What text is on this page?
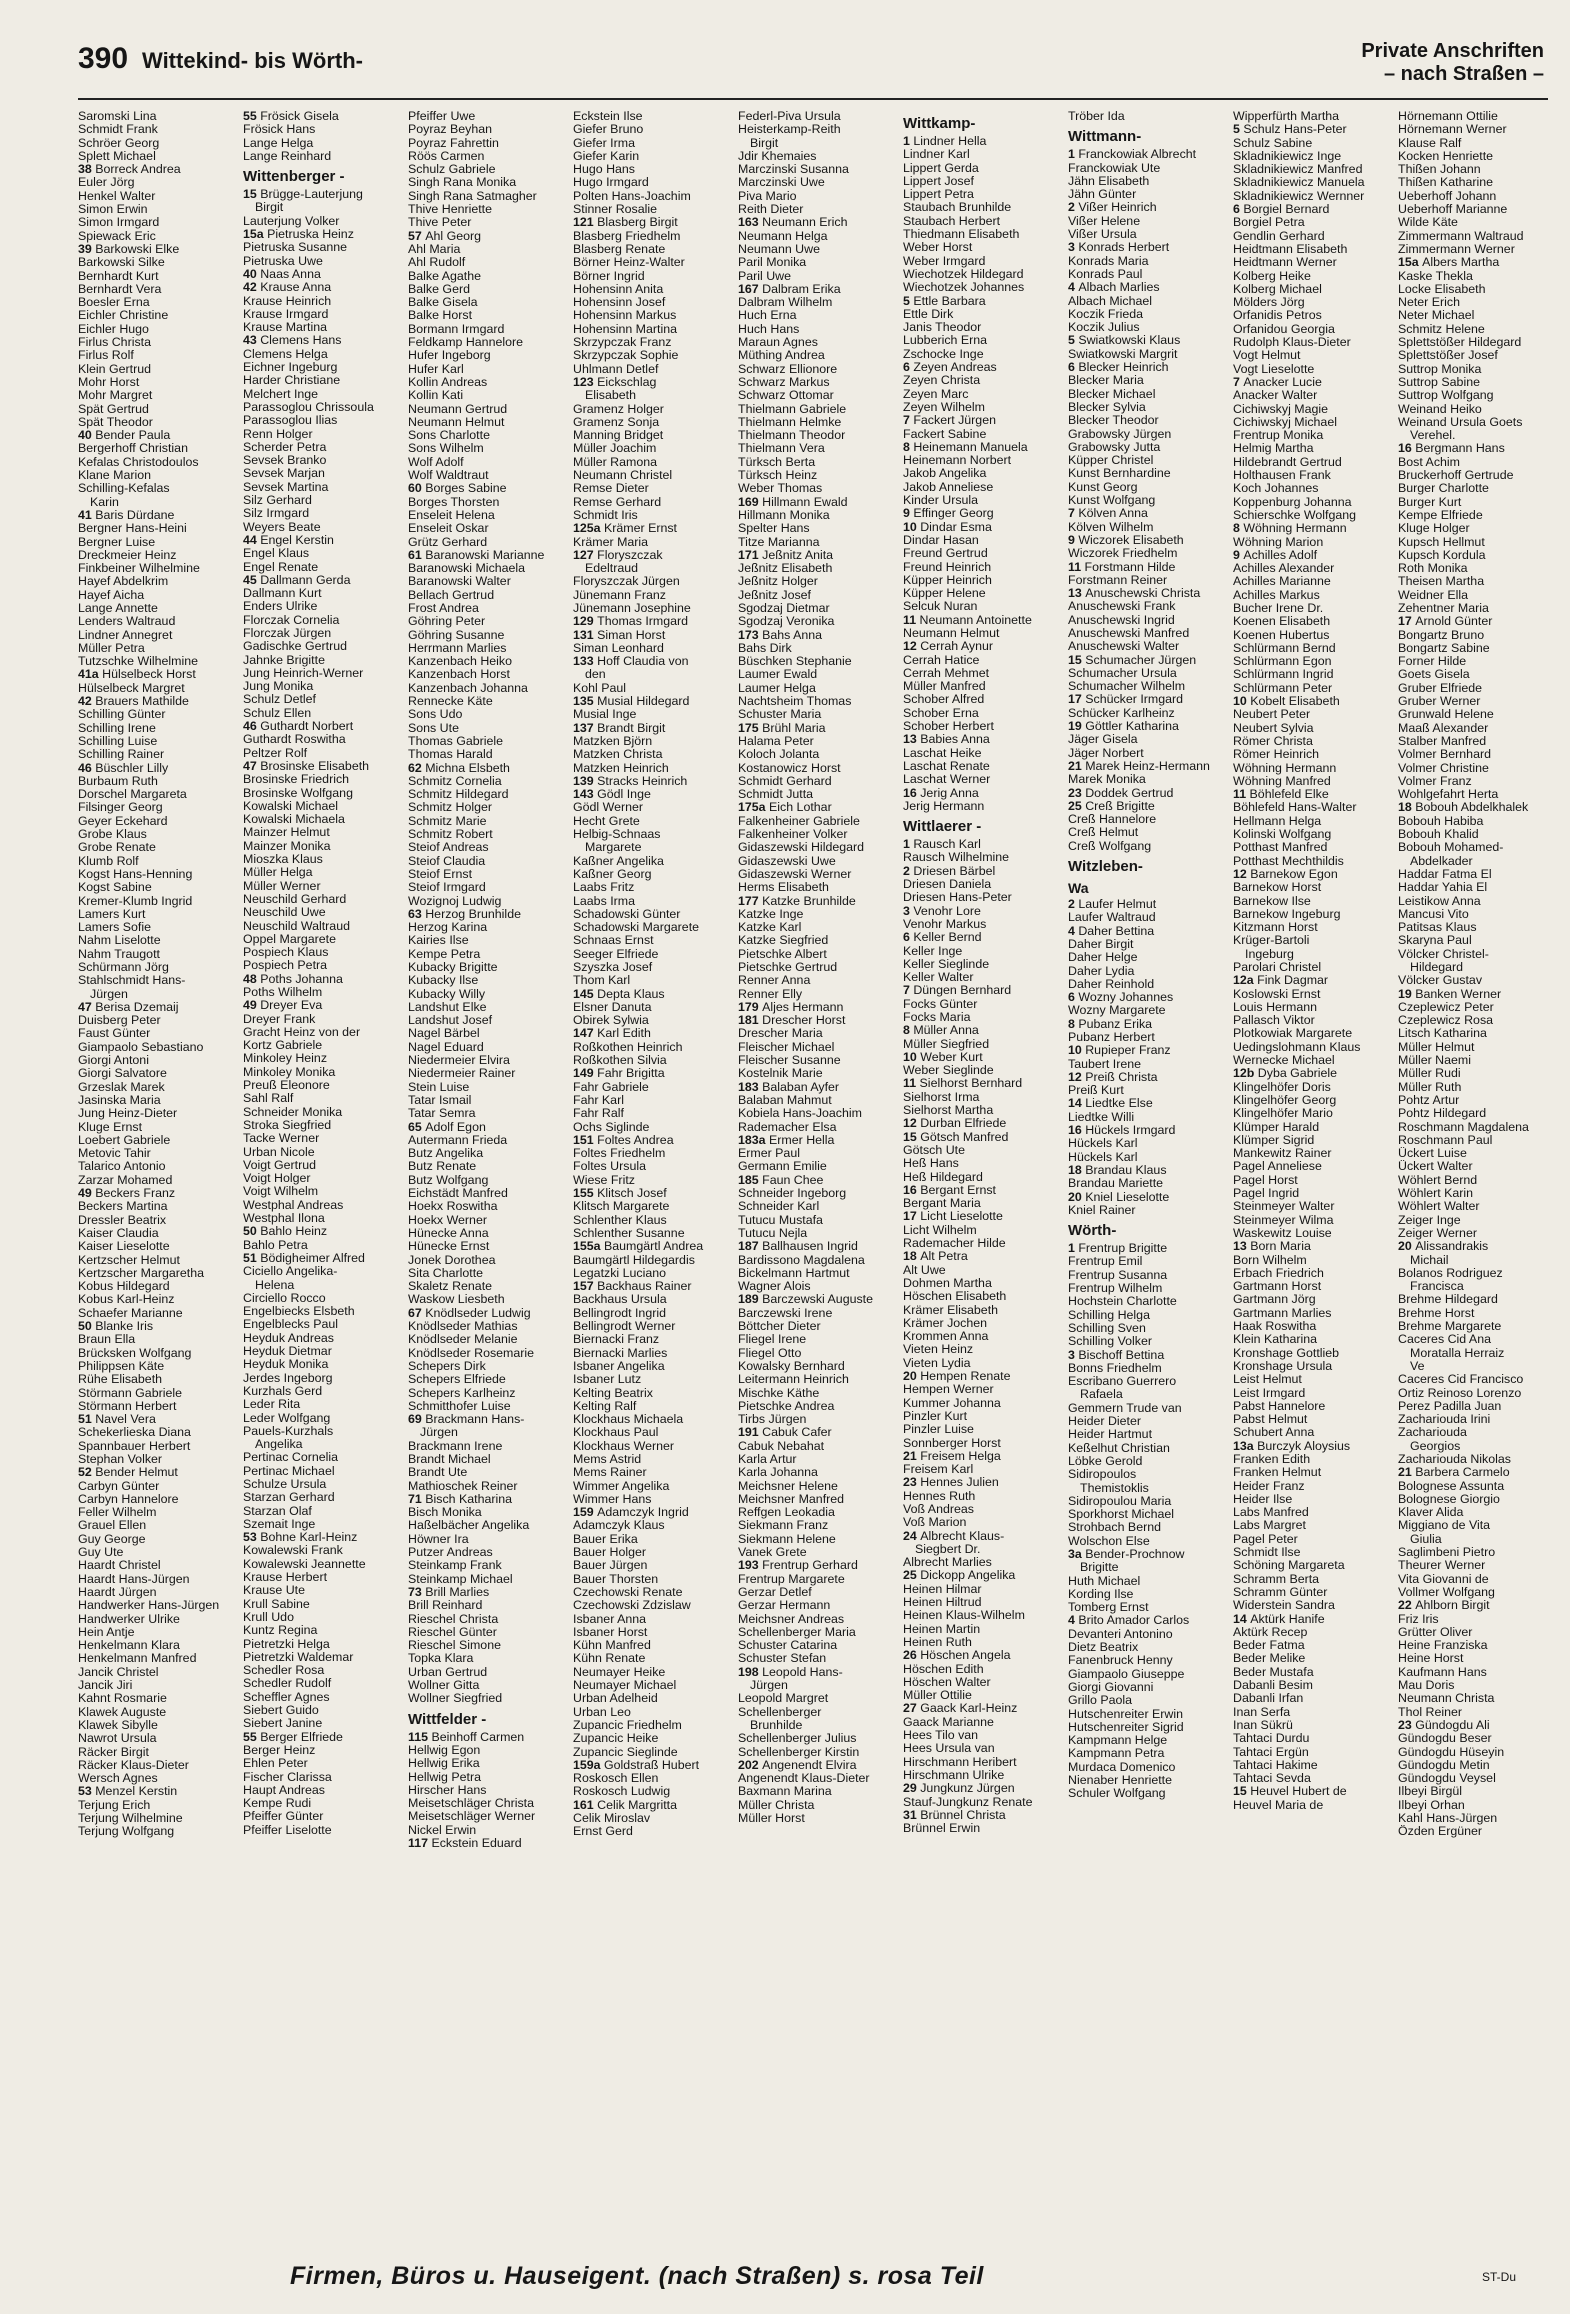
390 Wittekind- bis Wörth-	Private Anschriften
– nach Straßen –
Saromski Lina
Schmidt Frank
Schröer Georg
Splett Michael
38 Borreck Andrea
Euler Jörg
Henkel Walter
Simon Erwin
Simon Irmgard
Spiewack Eric
39 Barkowski Elke
Barkowski Silke
Bernhardt Kurt
Bernhardt Vera
Boesler Erna
Eichler Christine
Eichler Hugo
Firlus Christa
Firlus Rolf
Klein Gertrud
Mohr Horst
Mohr Margret
Spät Gertrud
Spät Theodor
40 Bender Paula
Bergerhoff Christian
Kefalas Christodoulos
Klane Marion
Schilling-Kefalas
Karin
41 Baris Dürdane
Bergner Hans-Heini
Bergner Luise
Dreckmeier Heinz
Finkbeiner Wilhelmine
Hayef Abdelkrim
Hayef Aicha
Lange Annette
Lenders Waltraud
Lindner Annegret
Müller Petra
Tutzschke Wilhelmine
41a Hülselbeck Horst
Hülselbeck Margret
42 Brauers Mathilde
Schilling Günter
Schilling Irene
Schilling Luise
Schilling Rainer
46 Büschler Lilly
Burbaum Ruth
Dorschel Margareta
Filsinger Georg
Geyer Eckehard
Grobe Klaus
Grobe Renate
Klumb Rolf
Kogst Hans-Henning
Kogst Sabine
Kremer-Klumb Ingrid
Lamers Kurt
Lamers Sofie
Nahm Liselotte
Nahm Traugott
Schürmann Jörg
Stahlschmidt Hans-
Jürgen
47 Berisa Dzemaij
Duisberg Peter
Faust Günter
Giampaolo Sebastiano
Giorgi Antoni
Giorgi Salvatore
Grzeslak Marek
Jasinska Maria
Jung Heinz-Dieter
Kluge Ernst
Loebert Gabriele
Metovic Tahir
Talarico Antonio
Zarzar Mohamed
49 Beckers Franz
Beckers Martina
Dressler Beatrix
Kaiser Claudia
Kaiser Lieselotte
Kertzscher Helmut
Kertzscher Margaretha
Kobus Hildegard
Kobus Karl-Heinz
Schaefer Marianne
50 Blanke Iris
Braun Ella
Brücksken Wolfgang
Philippsen Käte
Rühe Elisabeth
Störmann Gabriele
Störmann Herbert
51 Navel Vera
Schekerlieska Diana
Spannbauer Herbert
Stephan Volker
52 Bender Helmut
Carbyn Günter
Carbyn Hannelore
Feller Wilhelm
Grauel Ellen
Guy George
Guy Ute
Haardt Christel
Haardt Hans-Jürgen
Haardt Jürgen
Handwerker Hans-Jürgen
Handwerker Ulrike
Hein Antje
Henkelmann Klara
Henkelmann Manfred
Jancik Christel
Jancik Jiri
Kahnt Rosmarie
Klawek Auguste
Klawek Sibylle
Nawrot Ursula
Räcker Birgit
Räcker Klaus-Dieter
Wersch Agnes
53 Menzel Kerstin
Terjung Erich
Terjung Wilhelmine
Terjung Wolfgang
55 Frösick Gisela
Frösick Hans
Lange Helga
Lange Reinhard
Wittenberger -
15 Brügge-Lauterjung
Birgit
Lauterjung Volker
15a Pietruska Heinz
Pietruska Susanne
Pietruska Uwe
40 Naas Anna
42 Krause Anna
Krause Heinrich
Krause Irmgard
Krause Martina
43 Clemens Hans
Clemens Helga
Eichner Ingeburg
Harder Christiane
Melchert Inge
Parassoglou Chrissoula
Parassoglou Ilias
Renn Holger
Scherder Petra
Sevsek Branko
Sevsek Marjan
Sevsek Martina
Silz Gerhard
Silz Irmgard
Weyers Beate
44 Engel Kerstin
Engel Klaus
Engel Renate
45 Dallmann Gerda
Dallmann Kurt
Enders Ulrike
Florczak Cornelia
Florczak Jürgen
Gadischke Gertrud
Jahnke Brigitte
Jung Heinrich-Werner
Jung Monika
Schulz Detlef
Schulz Ellen
46 Guthardt Norbert
Guthardt Roswitha
Peltzer Rolf
47 Brosinske Elisabeth
Brosinske Friedrich
Brosinske Wolfgang
Kowalski Michael
Kowalski Michaela
Mainzer Helmut
Mainzer Monika
Mioszka Klaus
Müller Helga
Müller Werner
Neuschild Gerhard
Neuschild Uwe
Neuschild Waltraud
Oppel Margarete
Pospiech Klaus
Pospiech Petra
48 Poths Johanna
Poths Wilhelm
49 Dreyer Eva
Dreyer Frank
Gracht Heinz von der
Kortz Gabriele
Minkoley Heinz
Minkoley Monika
Preuß Eleonore
Sahl Ralf
Schneider Monika
Stroka Siegfried
Tacke Werner
Urban Nicole
Voigt Gertrud
Voigt Holger
Voigt Wilhelm
Westphal Andreas
Westphal Ilona
50 Bahlo Heinz
Bahlo Petra
51 Bödigheimer Alfred
Ciciello Angelika-
Helena
Circiello Rocco
Engelbiecks Elsbeth
Engelblecks Paul
Heyduk Andreas
Heyduk Dietmar
Heyduk Monika
Jerdes Ingeborg
Kurzhals Gerd
Leder Rita
Leder Wolfgang
Pauels-Kurzhals
Angelika
Pertinac Cornelia
Pertinac Michael
Schulze Ursula
Starzan Gerhard
Starzan Olaf
Szemait Inge
53 Bohne Karl-Heinz
Kowalewski Frank
Kowalewski Jeannette
Krause Herbert
Krause Ute
Krull Sabine
Krull Udo
Kuntz Regina
Pietretzki Helga
Pietretzki Waldemar
Schedler Rosa
Schedler Rudolf
Scheffler Agnes
Siebert Guido
Siebert Janine
55 Berger Elfriede
Berger Heinz
Ehlen Peter
Fischer Clarissa
Haupt Andreas
Kempe Rudi
Pfeiffer Günter
Pfeiffer Liselotte
Pfeiffer Uwe
Poyraz Beyhan
Poyraz Fahrettin
Röös Carmen
Schulz Gabriele
Singh Rana Monika
Singh Rana Satmagher
Thive Henriette
Thive Peter
57 Ahl Georg
Ahl Maria
Ahl Rudolf
Balke Agathe
Balke Gerd
Balke Gisela
Balke Horst
Bormann Irmgard
Feldkamp Hannelore
Hufer Ingeborg
Hufer Karl
Kollin Andreas
Kollin Kati
Neumann Gertrud
Neumann Helmut
Sons Charlotte
Sons Wilhelm
Wolf Adolf
Wolf Waldtraut
60 Borges Sabine
Borges Thorsten
Enseleit Helena
Enseleit Oskar
Grütz Gerhard
61 Baranowski Marianne
Baranowski Michaela
Baranowski Walter
Bellach Gertrud
Frost Andrea
Göhring Peter
Göhring Susanne
Herrmann Marlies
Kanzenbach Heiko
Kanzenbach Horst
Kanzenbach Johanna
Rennecke Käte
Sons Udo
Sons Ute
Thomas Gabriele
Thomas Harald
62 Michna Elsbeth
Schmitz Cornelia
Schmitz Hildegard
Schmitz Holger
Schmitz Marie
Schmitz Robert
Steiof Andreas
Steiof Claudia
Steiof Ernst
Steiof Irmgard
Wozignoj Ludwig
63 Herzog Brunhilde
Herzog Karina
Kairies Ilse
Kempe Petra
Kubacky Brigitte
Kubacky Ilse
Kubacky Willy
Landshut Elke
Landshut Josef
Nagel Bärbel
Nagel Eduard
Niedermeier Elvira
Niedermeier Rainer
Stein Luise
Tatar Ismail
Tatar Semra
65 Adolf Egon
Autermann Frieda
Butz Angelika
Butz Renate
Butz Wolfgang
Eichstädt Manfred
Hoekx Roswitha
Hoekx Werner
Hünecke Anna
Hünecke Ernst
Jonek Dorothea
Sita Charlotte
Skaletz Renate
Waskow Liesbeth
67 Knödlseder Ludwig
Knödlseder Mathias
Knödlseder Melanie
Knödlseder Rosemarie
Schepers Dirk
Schepers Elfriede
Schepers Karlheinz
Schmitthofer Luise
69 Brackmann Hans-
Jürgen
Brackmann Irene
Brandt Michael
Brandt Ute
Mathioschek Reiner
71 Bisch Katharina
Bisch Monika
Haßelbächer Angelika
Höwner Ira
Putzer Andreas
Steinkamp Frank
Steinkamp Michael
73 Brill Marlies
Brill Reinhard
Rieschel Christa
Rieschel Günter
Rieschel Simone
Topka Klara
Urban Gertrud
Wollner Gitta
Wollner Siegfried
Wittfelder -
115 Beinhoff Carmen
Hellwig Egon
Hellwig Erika
Hellwig Petra
Hirscher Hans
Meisetschläger Christa
Meisetschläger Werner
Nickel Erwin
117 Eckstein Eduard
Eckstein Ilse
Giefer Bruno
Giefer Irma
Giefer Karin
Hugo Hans
Hugo Irmgard
Polten Hans-Joachim
Stinner Rosalie
121 Blasberg Birgit
Blasberg Friedhelm
Blasberg Renate
Börner Heinz-Walter
Börner Ingrid
Hohensinn Anita
Hohensinn Josef
Hohensinn Markus
Hohensinn Martina
Skrzypczak Franz
Skrzypczak Sophie
Uhlmann Detlef
123 Eickschlag
Elisabeth
Gramenz Holger
Gramenz Sonja
Manning Bridget
Müller Joachim
Müller Ramona
Neumann Christel
Remse Dieter
Remse Gerhard
Schmidt Iris
125a Krämer Ernst
Krämer Maria
127 Floryszczak
Edeltraud
Floryszczak Jürgen
Jünemann Franz
Jünemann Josephine
129 Thomas Irmgard
131 Siman Horst
Siman Leonhard
133 Hoff Claudia von
den
Kohl Paul
135 Musial Hildegard
Musial Inge
137 Brandt Birgit
Matzken Björn
Matzken Christa
Matzken Heinrich
139 Stracks Heinrich
143 Gödl Inge
Gödl Werner
Hecht Grete
Helbig-Schnaas
Margarete
Kaßner Angelika
Kaßner Georg
Laabs Fritz
Laabs Irma
Schadowski Günter
Schadowski Margarete
Schnaas Ernst
Seeger Elfriede
Szyszka Josef
Thom Karl
145 Depta Klaus
Elsner Danuta
Obirek Sylwia
147 Karl Edith
Roßkothen Heinrich
Roßkothen Silvia
149 Fahr Brigitta
Fahr Gabriele
Fahr Karl
Fahr Ralf
Ochs Siglinde
151 Foltes Andrea
Foltes Friedhelm
Foltes Ursula
Wiese Fritz
155 Klitsch Josef
Klitsch Margarete
Schlenther Klaus
Schlenther Susanne
155a Baumgärtl Andrea
Baumgärtl Hildegardis
Legatzki Luciano
157 Backhaus Rainer
Backhaus Ursula
Bellingrodt Ingrid
Bellingrodt Werner
Biernacki Franz
Biernacki Marlies
Isbaner Angelika
Isbaner Lutz
Kelting Beatrix
Kelting Ralf
Klockhaus Michaela
Klockhaus Paul
Klockhaus Werner
Mems Astrid
Mems Rainer
Wimmer Angelika
Wimmer Hans
159 Adamczyk Ingrid
Adamczyk Klaus
Bauer Erika
Bauer Holger
Bauer Jürgen
Bauer Thorsten
Czechowski Renate
Czechowski Zdzislaw
Isbaner Anna
Isbaner Horst
Kühn Manfred
Kühn Renate
Neumayer Heike
Neumayer Michael
Urban Adelheid
Urban Leo
Zupancic Friedhelm
Zupancic Heike
Zupancic Sieglinde
159a Goldstraß Hubert
Roskosch Ellen
Roskosch Ludwig
161 Celik Margritta
Celik Miroslav
Ernst Gerd
Federl-Piva Ursula
Heisterkamp-Reith
Birgit
Jdir Khemaies
Marczinski Susanna
Marczinski Uwe
Piva Mario
Reith Dieter
163 Neumann Erich
Neumann Helga
Neumann Uwe
Paril Monika
Paril Uwe
167 Dalbram Erika
Dalbram Wilhelm
Huch Erna
Huch Hans
Maraun Agnes
Müthing Andrea
Schwarz Ellionore
Schwarz Markus
Schwarz Ottomar
Thielmann Gabriele
Thielmann Helmke
Thielmann Theodor
Thielmann Vera
Türksch Berta
Türksch Heinz
Weber Thomas
169 Hillmann Ewald
Hillmann Monika
Spelter Hans
Titze Marianna
171 Jeßnitz Anita
Jeßnitz Elisabeth
Jeßnitz Holger
Jeßnitz Josef
Sgodzaj Dietmar
Sgodzaj Veronika
173 Bahs Anna
Bahs Dirk
Büschken Stephanie
Laumer Ewald
Laumer Helga
Nachtsheim Thomas
Schuster Maria
175 Brühl Maria
Halama Peter
Koloch Jolanta
Kostanowicz Horst
Schmidt Gerhard
Schmidt Jutta
175a Eich Lothar
Falkenheiner Gabriele
Falkenheiner Volker
Gidaszewski Hildegard
Gidaszewski Uwe
Gidaszewski Werner
Herms Elisabeth
177 Katzke Brunhilde
Katzke Inge
Katzke Karl
Katzke Siegfried
Pietschke Albert
Pietschke Gertrud
Renner Anna
Renner Elly
179 Aljes Hermann
181 Drescher Horst
Drescher Maria
Fleischer Michael
Fleischer Susanne
Kostelnik Marie
183 Balaban Ayfer
Balaban Mahmut
Kobiela Hans-Joachim
Rademacher Elsa
183a Ermer Hella
Ermer Paul
Germann Emilie
185 Faun Chee
Schneider Ingeborg
Schneider Karl
Tutucu Mustafa
Tutucu Nejla
187 Ballhausen Ingrid
Bardissono Magdalena
Bickelmann Hartmut
Wagner Alois
189 Barczewski Auguste
Barczewski Irene
Böttcher Dieter
Fliegel Irene
Fliegel Otto
Kowalsky Bernhard
Leitermann Heinrich
Mischke Käthe
Pietschke Andrea
Tirbs Jürgen
191 Cabuk Cafer
Cabuk Nebahat
Karla Artur
Karla Johanna
Meichsner Helene
Meichsner Manfred
Reffgen Leokadia
Siekmann Franz
Siekmann Helene
Vanek Grete
193 Frentrup Gerhard
Frentrup Margarete
Gerzar Detlef
Gerzar Hermann
Meichsner Andreas
Schellenberger Maria
Schuster Catarina
Schuster Stefan
198 Leopold Hans-
Jürgen
Leopold Margret
Schellenberger
Brunhilde
Schellenberger Julius
Schellenberger Kirstin
202 Angenendt Elvira
Angenendt Klaus-Dieter
Baxmann Marina
Müller Christa
Müller Horst
Wittkamp-
1 Lindner Hella
Lindner Karl
Lippert Gerda
Lippert Josef
Lippert Petra
Staubach Brunhilde
Staubach Herbert
Thiedmann Elisabeth
Weber Horst
Weber Irmgard
Wiechotzek Hildegard
Wiechotzek Johannes
5 Ettle Barbara
Ettle Dirk
Janis Theodor
Lubberich Erna
Zschocke Inge
6 Zeyen Andreas
Zeyen Christa
Zeyen Marc
Zeyen Wilhelm
7 Fackert Jürgen
Fackert Sabine
8 Heinemann Manuela
Heinemann Norbert
Jakob Angelika
Jakob Anneliese
Kinder Ursula
9 Effinger Georg
10 Dindar Esma
Dindar Hasan
Freund Gertrud
Freund Heinrich
Küpper Heinrich
Küpper Helene
Selcuk Nuran
11 Neumann Antoinette
Neumann Helmut
12 Cerrah Aynur
Cerrah Hatice
Cerrah Mehmet
Müller Manfred
Schober Alfred
Schober Erna
Schober Herbert
13 Babies Anna
Laschat Heike
Laschat Renate
Laschat Werner
16 Jerig Anna
Jerig Hermann
Wittlaerer -
1 Rausch Karl
Rausch Wilhelmine
2 Driesen Bärbel
Driesen Daniela
Driesen Hans-Peter
3 Venohr Lore
Venohr Markus
6 Keller Bernd
Keller Inge
Keller Sieglinde
Keller Walter
7 Düngen Bernhard
Focks Günter
Focks Maria
8 Müller Anna
Müller Siegfried
10 Weber Kurt
Weber Sieglinde
11 Sielhorst Bernhard
Sielhorst Irma
Sielhorst Martha
12 Durban Elfriede
15 Götsch Manfred
Götsch Ute
Heß Hans
Heß Hildegard
16 Bergant Ernst
Bergant Maria
17 Licht Lieselotte
Licht Wilhelm
Rademacher Hilde
18 Alt Petra
Alt Uwe
Dohmen Martha
Höschen Elisabeth
Krämer Elisabeth
Krämer Jochen
Krommen Anna
Vieten Heinz
Vieten Lydia
20 Hempen Renate
Hempen Werner
Kummer Johanna
Pinzler Kurt
Pinzler Luise
Sonnberger Horst
21 Freisem Helga
Freisem Karl
23 Hennes Julien
Hennes Ruth
Voß Andreas
Voß Marion
24 Albrecht Klaus-
Siegbert Dr.
Albrecht Marlies
25 Dickopp Angelika
Heinen Hilmar
Heinen Hiltrud
Heinen Klaus-Wilhelm
Heinen Martin
Heinen Ruth
26 Höschen Angela
Höschen Edith
Höschen Walter
Müller Ottilie
27 Gaack Karl-Heinz
Gaack Marianne
Hees Tilo van
Hees Ursula van
Hirschmann Heribert
Hirschmann Ulrike
29 Jungkunz Jürgen
Stauf-Jungkunz Renate
31 Brünnel Christa
Brünnel Erwin
Tröber Ida
Wittmann-
1 Franckowiak Albrecht
Franckowiak Ute
Jähn Elisabeth
Jähn Günter
2 Vißer Heinrich
Vißer Helene
Vißer Ursula
3 Konrads Herbert
Konrads Maria
Konrads Paul
4 Albach Marlies
Albach Michael
Koczik Frieda
Koczik Julius
5 Swiatkowski Klaus
Swiatkowski Margrit
6 Blecker Heinrich
Blecker Maria
Blecker Michael
Blecker Sylvia
Blecker Theodor
Grabowsky Jürgen
Grabowsky Jutta
Küpper Christel
Kunst Bernhardine
Kunst Georg
Kunst Wolfgang
7 Kölven Anna
Kölven Wilhelm
9 Wiczorek Elisabeth
Wiczorek Friedhelm
11 Forstmann Hilde
Forstmann Reiner
13 Anuschewski Christa
Anuschewski Frank
Anuschewski Ingrid
Anuschewski Manfred
Anuschewski Walter
15 Schumacher Jürgen
Schumacher Ursula
Schumacher Wilhelm
17 Schücker Irmgard
Schücker Karlheinz
19 Göttler Katharina
Jäger Gisela
Jäger Norbert
21 Marek Heinz-Hermann
Marek Monika
23 Doddek Gertrud
25 Creß Brigitte
Creß Hannelore
Creß Helmut
Creß Wolfgang
Witzleben-
Wa
2 Laufer Helmut
Laufer Waltraud
4 Daher Bettina
Daher Birgit
Daher Helge
Daher Lydia
Daher Reinhold
6 Wozny Johannes
Wozny Margarete
8 Pubanz Erika
Pubanz Herbert
10 Rupieper Franz
Taubert Irene
12 Preiß Christa
Preiß Kurt
14 Liedtke Else
Liedtke Willi
16 Hückels Irmgard
Hückels Karl
Hückels Karl
18 Brandau Klaus
Brandau Mariette
20 Kniel Lieselotte
Kniel Rainer
Wörth-
1 Frentrup Brigitte
Frentrup Emil
Frentrup Susanna
Frentrup Wilhelm
Hochstein Charlotte
Schilling Helga
Schilling Sven
Schilling Volker
3 Bischoff Bettina
Bonns Friedhelm
Escribano Guerrero
Rafaela
Gemmern Trude van
Heider Dieter
Heider Hartmut
Keßelhut Christian
Löbke Gerold
Sidiropoulos
Themistoklis
Sidiropoulou Maria
Sporkhorst Michael
Strohbach Bernd
Wolschon Else
3a Bender-Prochnow
Brigitte
Huth Michael
Kording Ilse
Tomberg Ernst
4 Brito Amador Carlos
Devanteri Antonino
Dietz Beatrix
Fanenbruck Henny
Giampaolo Giuseppe
Giorgi Giovanni
Grillo Paola
Hutschenreiter Erwin
Hutschenreiter Sigrid
Kampmann Helge
Kampmann Petra
Murdaca Domenico
Nienaber Henriette
Schuler Wolfgang
Wipperfürth Martha
5 Schulz Hans-Peter
Schulz Sabine
Skladnikiewicz Inge
Skladnikiewicz Manfred
Skladnikiewicz Manuela
Skladnikiewicz Wernner
6 Borgiel Bernard
Borgiel Petra
Gendlin Gerhard
Heidtmann Elisabeth
Heidtmann Werner
Kolberg Heike
Kolberg Michael
Mölders Jörg
Orfanidis Petros
Orfanidou Georgia
Rudolph Klaus-Dieter
Vogt Helmut
Vogt Lieselotte
7 Anacker Lucie
Anacker Walter
Cichiwskyj Magie
Cichiwskyj Michael
Frentrup Monika
Helmig Martha
Hildebrandt Gertrud
Holthausen Frank
Koch Johannes
Koppenburg Johanna
Schierschke Wolfgang
8 Wöhning Hermann
Wöhning Marion
9 Achilles Adolf
Achilles Alexander
Achilles Marianne
Achilles Markus
Bucher Irene Dr.
Koenen Elisabeth
Koenen Hubertus
Schlürmann Bernd
Schlürmann Egon
Schlürmann Ingrid
Schlürmann Peter
10 Kobelt Elisabeth
Neubert Peter
Neubert Sylvia
Römer Christa
Römer Heinrich
Wöhning Hermann
Wöhning Manfred
11 Böhlefeld Elke
Böhlefeld Hans-Walter
Hellmann Helga
Kolinski Wolfgang
Potthast Manfred
Potthast Mechthildis
12 Barnekow Egon
Barnekow Horst
Barnekow Ilse
Barnekow Ingeburg
Kitzmann Horst
Krüger-Bartoli
Ingeburg
Parolari Christel
12a Fink Dagmar
Koslowski Ernst
Louis Hermann
Pallasch Viktor
Plotkowiak Margarete
Uedingslohmann Klaus
Wernecke Michael
12b Dyba Gabriele
Klingelhöfer Doris
Klingelhöfer Georg
Klingelhöfer Mario
Klümper Harald
Klümper Sigrid
Mankewitz Rainer
Pagel Anneliese
Pagel Horst
Pagel Ingrid
Steinmeyer Walter
Steinmeyer Wilma
Waskewitz Louise
13 Born Maria
Born Wilhelm
Erbach Friedrich
Gartmann Horst
Gartmann Jörg
Gartmann Marlies
Haak Roswitha
Klein Katharina
Kronshage Gottlieb
Kronshage Ursula
Leist Helmut
Leist Irmgard
Pabst Hannelore
Pabst Helmut
Schubert Anna
13a Burczyk Aloysius
Franken Edith
Franken Helmut
Heider Franz
Heider Ilse
Labs Manfred
Labs Margret
Pagel Peter
Schmidt Ilse
Schöning Margareta
Schramm Berta
Schramm Günter
Widerstein Sandra
14 Aktürk Hanife
Aktürk Recep
Beder Fatma
Beder Melike
Beder Mustafa
Dabanli Besim
Dabanli Irfan
Inan Serfa
Inan Sükrü
Tahtaci Durdu
Tahtaci Ergün
Tahtaci Hakime
Tahtaci Sevda
15 Heuvel Hubert de
Heuvel Maria de
Hörnemann Ottilie
Hörnemann Werner
Klause Ralf
Kocken Henriette
Thißen Johann
Thißen Katharine
Ueberhoff Johann
Ueberhoff Marianne
Wilde Käte
Zimmermann Waltraud
Zimmermann Werner
15a Albers Martha
Kaske Thekla
Locke Elisabeth
Neter Erich
Neter Michael
Schmitz Helene
Splettstößer Hildegard
Splettstößer Josef
Suttrop Monika
Suttrop Sabine
Suttrop Wolfgang
Weinand Heiko
Weinand Ursula Goets
Verehel.
16 Bergmann Hans
Bost Achim
Bruckerhoff Gertrude
Burger Charlotte
Burger Kurt
Kempe Elfriede
Kluge Holger
Kupsch Hellmut
Kupsch Kordula
Roth Monika
Theisen Martha
Weidner Ella
Zehentner Maria
17 Arnold Günter
Bongartz Bruno
Bongartz Sabine
Forner Hilde
Goets Gisela
Gruber Elfriede
Gruber Werner
Grunwald Helene
Maaß Alexander
Stalber Manfred
Volmer Bernhard
Volmer Christine
Volmer Franz
Wohlgefahrt Herta
18 Bobouh Abdelkhalek
Bobouh Habiba
Bobouh Khalid
Bobouh Mohamed-
Abdelkader
Haddar Fatma El
Haddar Yahia El
Leistikow Anna
Mancusi Vito
Patitsas Klaus
Skaryna Paul
Völcker Christel-
Hildegard
Völcker Gustav
19 Banken Werner
Czeplewicz Peter
Czeplewicz Rosa
Litsch Katharina
Müller Helmut
Müller Naemi
Müller Rudi
Müller Ruth
Pohtz Artur
Pohtz Hildegard
Roschmann Magdalena
Roschmann Paul
Ückert Luise
Ückert Walter
Wöhlert Bernd
Wöhlert Karin
Wöhlert Walter
Zeiger Inge
Zeiger Werner
20 Alissandrakis
Michail
Bolanos Rodriguez
Francisca
Brehme Hildegard
Brehme Horst
Brehme Margarete
Caceres Cid Ana
Moratalla Herraiz
Ve
Caceres Cid Francisco
Ortiz Reinoso Lorenzo
Perez Padilla Juan
Zachariouda Irini
Zachariouda
Georgios
Zachariouda Nikolas
21 Barbera Carmelo
Bolognese Assunta
Bolognese Giorgio
Klaver Alida
Miggiano de Vita
Giulia
Saglimbeni Pietro
Theurer Werner
Vita Giovanni de
Vollmer Wolfgang
22 Ahlborn Birgit
Friz Iris
Grütter Oliver
Heine Franziska
Heine Horst
Kaufmann Hans
Mau Doris
Neumann Christa
Thol Reiner
23 Gündogdu Ali
Gündogdu Beser
Gündogdu Hüseyin
Gündogdu Metin
Gündogdu Veysel
Ilbeyi Birgül
Ilbeyi Orhan
Kahl Hans-Jürgen
Özden Ergüner
Firmen, Büros u. Hauseigent. (nach Straßen) s. rosa Teil	ST-Du
